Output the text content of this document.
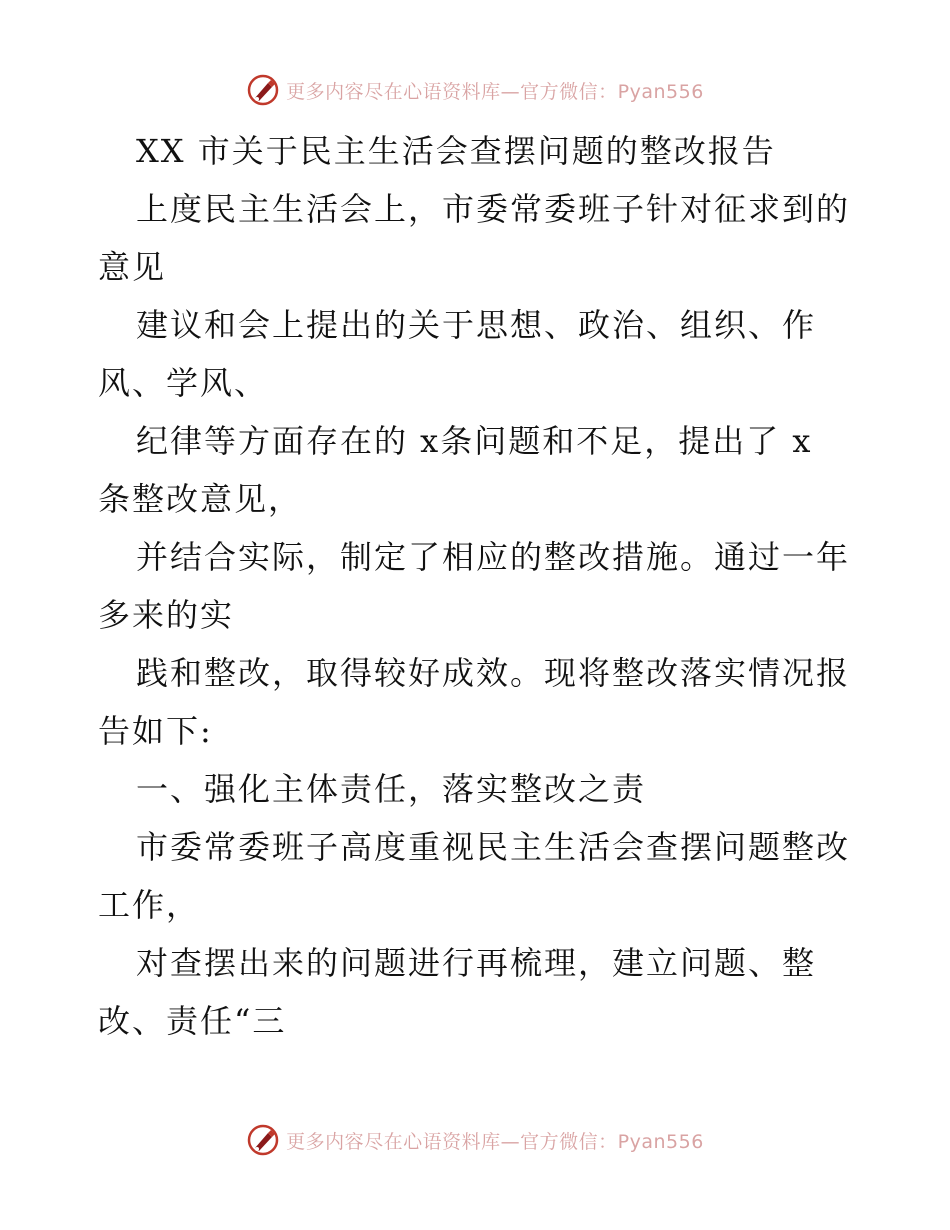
更多内容尽在心语资料库—官方微信：Pyan556
XX 市关于民主生活会查摆问题的整改报告
上度民主生活会上，市委常委班子针对征求到的
意见
建议和会上提出的关于思想、政治、组织、作
风、学风、
纪律等方面存在的 x条问题和不足，提出了 x
条整改意见，
并结合实际，制定了相应的整改措施。通过一年
多来的实
践和整改，取得较好成效。现将整改落实情况报
告如下:
一、强化主体责任，落实整改之责
市委常委班子高度重视民主生活会查摆问题整改
工作，
对查摆出来的问题进行再梳理，建立问题、整
改、责任“三
更多内容尽在心语资料库—官方微信：Pyan556
